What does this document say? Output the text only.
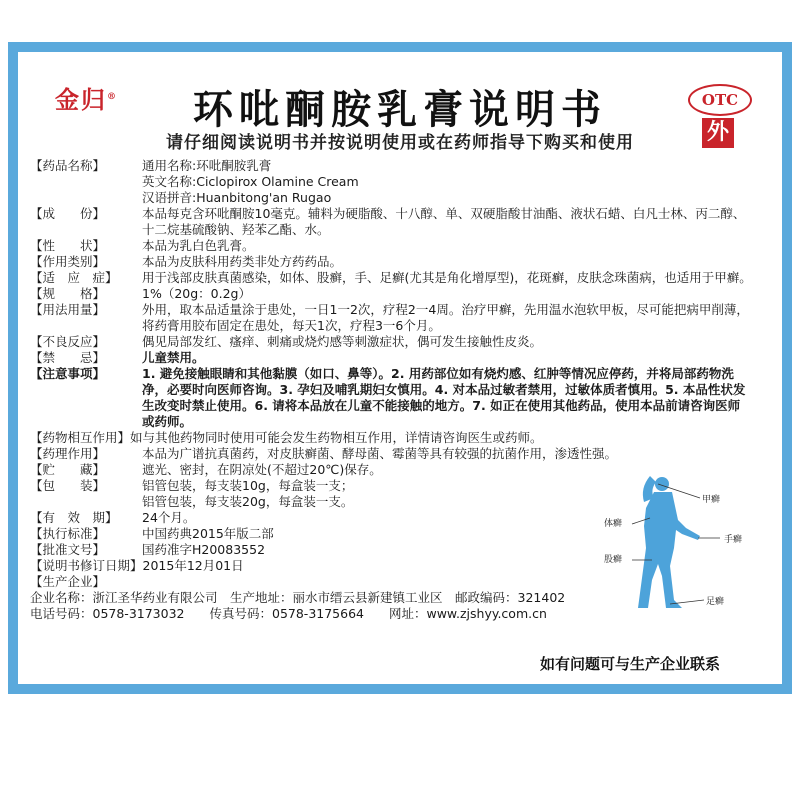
金归®	环吡酮胺乳膏说明书
请仔细阅读说明书并按说明使用或在药师指导下购买和使用
OTC
外
【药品名称】	通用名称:环吡酮胺乳膏
英文名称:Ciclopirox Olamine Cream
汉语拼音:Huanbitong'an Rugao
【成　　份】	本品每克含环吡酮胺10毫克。辅料为硬脂酸、十八醇、单、双硬脂酸甘油酯、液状石蜡、白凡士林、丙二醇、
十二烷基硫酸钠、羟苯乙酯、水。
【性　　状】	本品为乳白色乳膏。
【作用类别】	本品为皮肤科用药类非处方药药品。
【适　应　症】	用于浅部皮肤真菌感染，如体、股癣，手、足癣(尤其是角化增厚型)，花斑癣，皮肤念珠菌病，也适用于甲癣。
【规　　格】	1%（20g：0.2g）
【用法用量】	外用，取本品适量涂于患处，一日1一2次，疗程2一4周。治疗甲癣，先用温水泡软甲板，尽可能把病甲削薄，
将药膏用胶布固定在患处，每天1次，疗程3一6个月。
【不良反应】	偶见局部发红、瘙痒、刺痛或烧灼感等刺激症状，偶可发生接触性皮炎。
【禁　　忌】	儿童禁用。
【注意事项】	1. 避免接触眼睛和其他黏膜（如口、鼻等）。2. 用药部位如有烧灼感、红肿等情况应停药，并将局部药物洗
净，必要时向医师咨询。3. 孕妇及哺乳期妇女慎用。4. 对本品过敏者禁用，过敏体质者慎用。5. 本品性状发
生改变时禁止使用。6. 请将本品放在儿童不能接触的地方。7. 如正在使用其他药品，使用本品前请咨询医师
或药师。
【药物相互作用】 如与其他药物同时使用可能会发生药物相互作用，详情请咨询医生或药师。
【药理作用】	本品为广谱抗真菌药，对皮肤癣菌、酵母菌、霉菌等具有较强的抗菌作用，渗透性强。
【贮　　藏】	遮光、密封，在阴凉处(不超过20℃)保存。
【包　　装】	铝管包装，每支装10g，每盒装一支；
铝管包装，每支装20g，每盒装一支。
【有　效　期】	24个月。
【执行标准】	中国药典2015年版二部
【批准文号】	国药准字H20083552
【说明书修订日期】 2015年12月01日
【生产企业】
企业名称：浙江圣华药业有限公司　生产地址：丽水市缙云县新建镇工业区　邮政编码：321402
电话号码：0578-3173032　　传真号码：0578-3175664　　网址：www.zjshyy.com.cn
甲癣
体癣
手癣
股癣
足癣
如有问题可与生产企业联系
